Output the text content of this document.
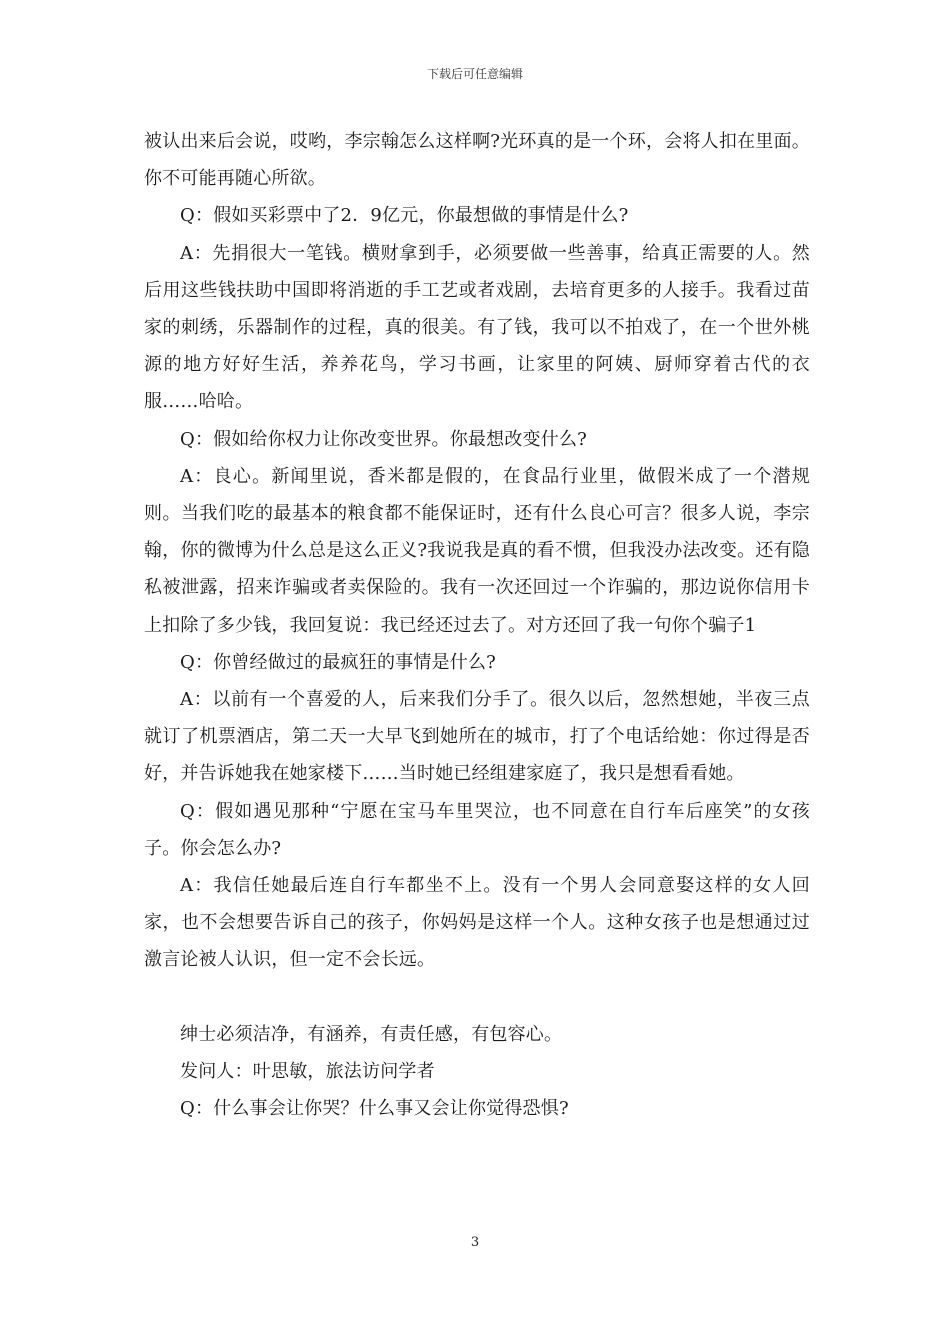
下载后可任意编辑

被认出来后会说，哎哟，李宗翰怎么这样啊?光环真的是一个环，会将人扣在里面。你不可能再随心所欲。

Q：假如买彩票中了2．9亿元，你最想做的事情是什么?

A：先捐很大一笔钱。横财拿到手，必须要做一些善事，给真正需要的人。然后用这些钱扶助中国即将消逝的手工艺或者戏剧，去培育更多的人接手。我看过苗家的刺绣，乐器制作的过程，真的很美。有了钱，我可以不拍戏了，在一个世外桃源的地方好好生活，养养花鸟，学习书画，让家里的阿姨、厨师穿着古代的衣服……哈哈。

Q：假如给你权力让你改变世界。你最想改变什么?

A：良心。新闻里说，香米都是假的，在食品行业里，做假米成了一个潜规则。当我们吃的最基本的粮食都不能保证时，还有什么良心可言？很多人说，李宗翰，你的微博为什么总是这么正义?我说我是真的看不惯，但我没办法改变。还有隐私被泄露，招来诈骗或者卖保险的。我有一次还回过一个诈骗的，那边说你信用卡上扣除了多少钱，我回复说：我已经还过去了。对方还回了我一句你个骗子1

Q：你曾经做过的最疯狂的事情是什么?

A：以前有一个喜爱的人，后来我们分手了。很久以后，忽然想她，半夜三点就订了机票酒店，第二天一大早飞到她所在的城市，打了个电话给她：你过得是否好，并告诉她我在她家楼下……当时她已经组建家庭了，我只是想看看她。

Q：假如遇见那种“宁愿在宝马车里哭泣，也不同意在自行车后座笑”的女孩子。你会怎么办?

A：我信任她最后连自行车都坐不上。没有一个男人会同意娶这样的女人回家，也不会想要告诉自己的孩子，你妈妈是这样一个人。这种女孩子也是想通过过激言论被人认识，但一定不会长远。

绅士必须洁净，有涵养，有责任感，有包容心。

发问人：叶思敏，旅法访问学者

Q：什么事会让你哭？什么事又会让你觉得恐惧?

3
